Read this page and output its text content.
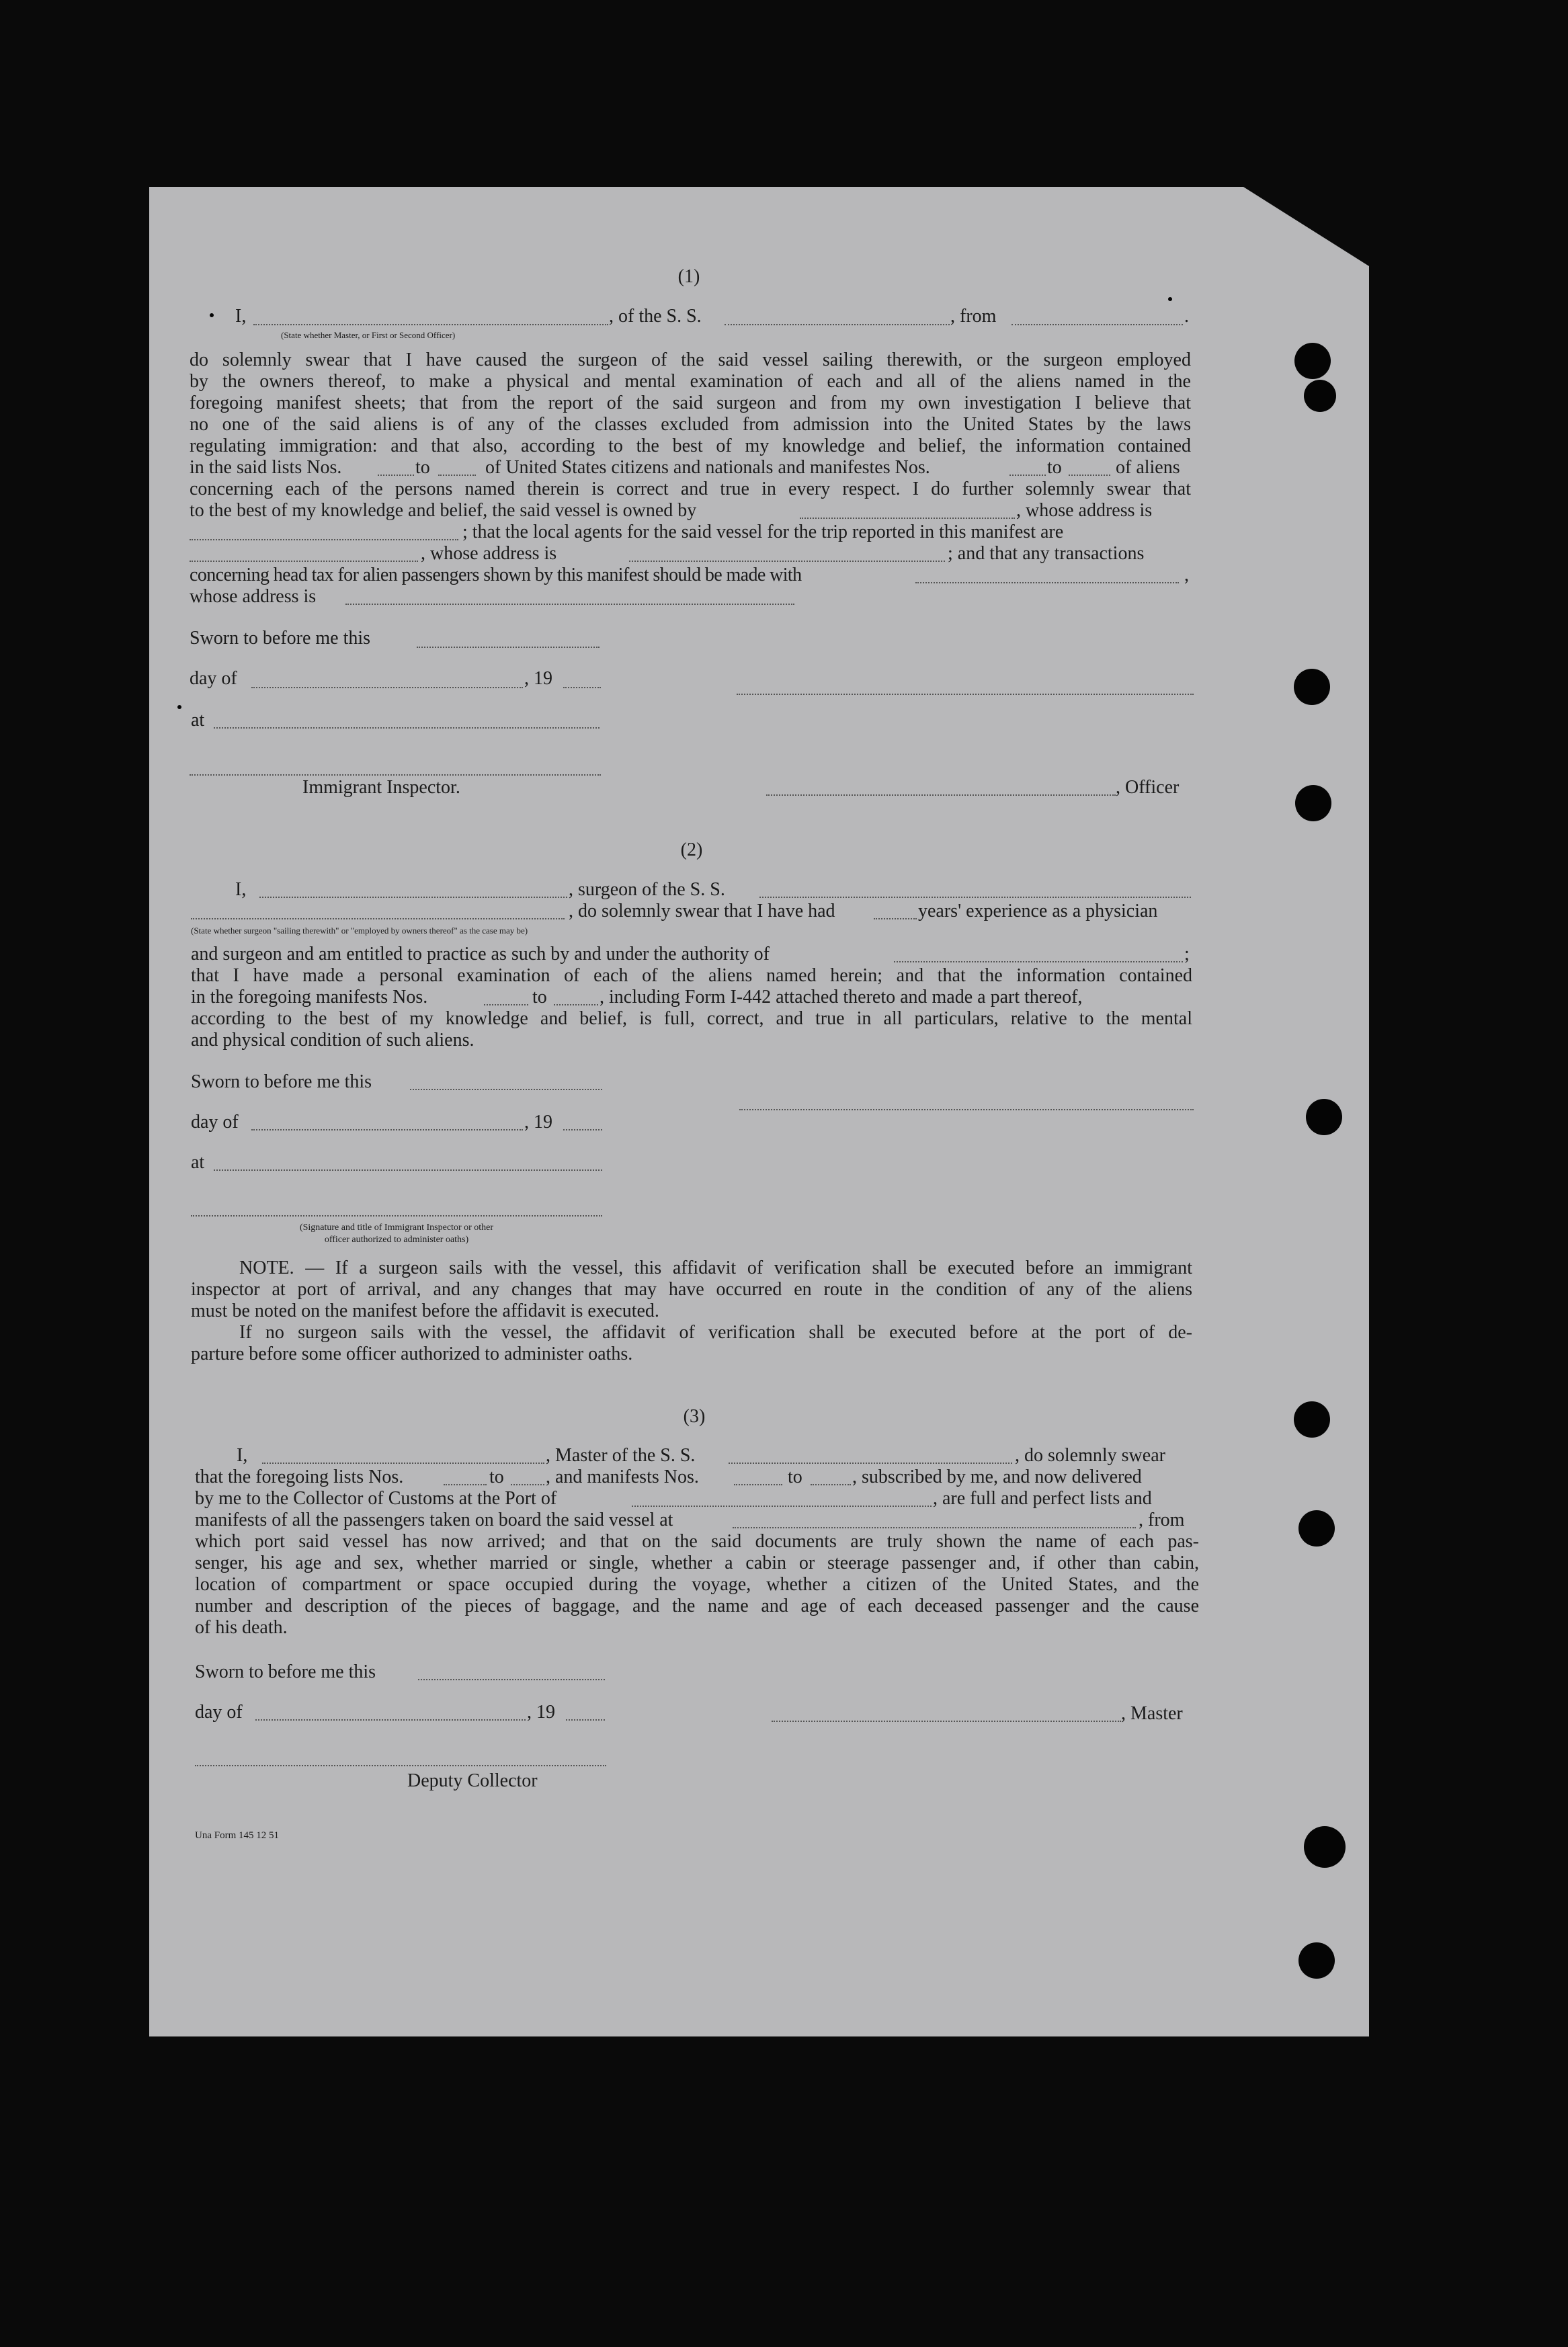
(1)
I,	, of the S. S.	, from	.
(State whether Master, or First or Second Officer)
do solemnly swear that I have caused the surgeon of the said vessel sailing therewith, or the surgeon employed
by the owners thereof, to make a physical and mental examination of each and all of the aliens named in the
foregoing manifest sheets; that from the report of the said surgeon and from my own investigation I believe that
no one of the said aliens is of any of the classes excluded from admission into the United States by the laws
regulating immigration: and that also, according to the best of my knowledge and belief, the information contained
in the said lists Nos.	to	of United States citizens and nationals and manifestes Nos.	to	of aliens
concerning each of the persons named therein is correct and true in every respect. I do further solemnly swear that
to the best of my knowledge and belief, the said vessel is owned by	, whose address is
; that the local agents for the said vessel for the trip reported in this manifest are
, whose address is	; and that any transactions
concerning head tax for alien passengers shown by this manifest should be made with	,
whose address is
Sworn to before me this
day of	, 19
at
Immigrant Inspector.	, Officer
(2)
I,	, surgeon of the S. S.
, do solemnly swear that I have had	years' experience as a physician
(State whether surgeon "sailing therewith" or "employed by owners thereof" as the case may be)
and surgeon and am entitled to practice as such by and under the authority of	;
that I have made a personal examination of each of the aliens named herein; and that the information contained
in the foregoing manifests Nos.	to	, including Form I-442 attached thereto and made a part thereof,
according to the best of my knowledge and belief, is full, correct, and true in all particulars, relative to the mental
and physical condition of such aliens.
Sworn to before me this
day of	, 19
at
(Signature and title of Immigrant Inspector or other
officer authorized to administer oaths)
NOTE. — If a surgeon sails with the vessel, this affidavit of verification shall be executed before an immigrant
inspector at port of arrival, and any changes that may have occurred en route in the condition of any of the aliens
must be noted on the manifest before the affidavit is executed.
If no surgeon sails with the vessel, the affidavit of verification shall be executed before at the port of de-
parture before some officer authorized to administer oaths.
(3)
I,	, Master of the S. S.	, do solemnly swear
that the foregoing lists Nos.	to , and manifests Nos.	to	, subscribed by me, and now delivered
by me to the Collector of Customs at the Port of	, are full and perfect lists and
manifests of all the passengers taken on board the said vessel at	, from
which port said vessel has now arrived; and that on the said documents are truly shown the name of each pas-
senger, his age and sex, whether married or single, whether a cabin or steerage passenger and, if other than cabin,
location of compartment or space occupied during the voyage, whether a citizen of the United States, and the
number and description of the pieces of baggage, and the name and age of each deceased passenger and the cause
of his death.
Sworn to before me this
day of	, 19	, Master
Deputy Collector
Una Form 145 12 51
